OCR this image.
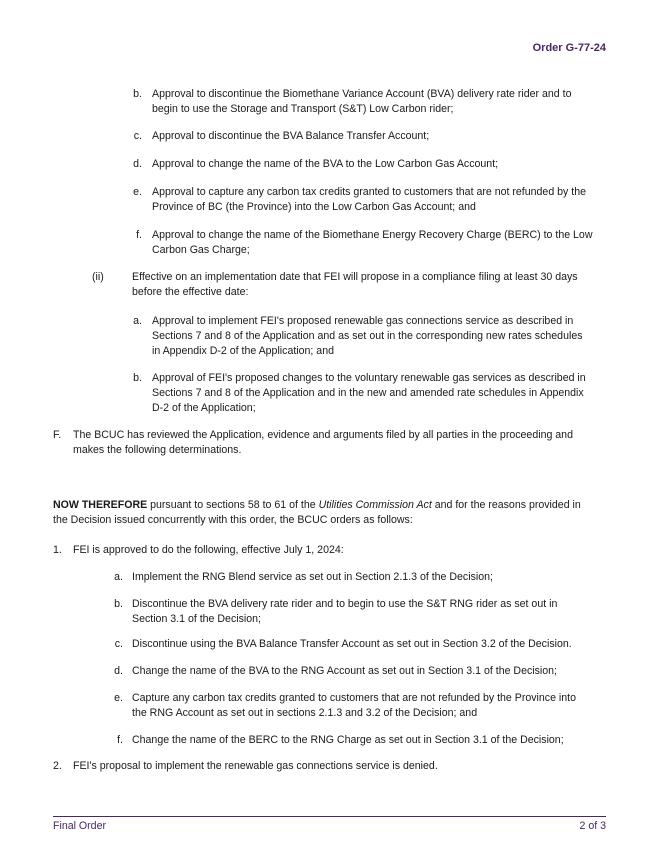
Order G-77-24
b. Approval to discontinue the Biomethane Variance Account (BVA) delivery rate rider and to
begin to use the Storage and Transport (S&T) Low Carbon rider;
c. Approval to discontinue the BVA Balance Transfer Account;
d. Approval to change the name of the BVA to the Low Carbon Gas Account;
e. Approval to capture any carbon tax credits granted to customers that are not refunded by the
Province of BC (the Province) into the Low Carbon Gas Account; and
f. Approval to change the name of the Biomethane Energy Recovery Charge (BERC) to the Low
Carbon Gas Charge;
(ii)	Effective on an implementation date that FEI will propose in a compliance filing at least 30 days
before the effective date:
a. Approval to implement FEI's proposed renewable gas connections service as described in
Sections 7 and 8 of the Application and as set out in the corresponding new rates schedules
in Appendix D-2 of the Application; and
b. Approval of FEI's proposed changes to the voluntary renewable gas services as described in
Sections 7 and 8 of the Application and in the new and amended rate schedules in Appendix
D-2 of the Application;
F. The BCUC has reviewed the Application, evidence and arguments filed by all parties in the proceeding and
makes the following determinations.
NOW THEREFORE pursuant to sections 58 to 61 of the Utilities Commission Act and for the reasons provided in
the Decision issued concurrently with this order, the BCUC orders as follows:
1. FEI is approved to do the following, effective July 1, 2024:
a. Implement the RNG Blend service as set out in Section 2.1.3 of the Decision;
b. Discontinue the BVA delivery rate rider and to begin to use the S&T RNG rider as set out in
Section 3.1 of the Decision;
c. Discontinue using the BVA Balance Transfer Account as set out in Section 3.2 of the Decision.
d. Change the name of the BVA to the RNG Account as set out in Section 3.1 of the Decision;
e. Capture any carbon tax credits granted to customers that are not refunded by the Province into
the RNG Account as set out in sections 2.1.3 and 3.2 of the Decision; and
f. Change the name of the BERC to the RNG Charge as set out in Section 3.1 of the Decision;
2. FEI's proposal to implement the renewable gas connections service is denied.
Final Order	2 of 3
